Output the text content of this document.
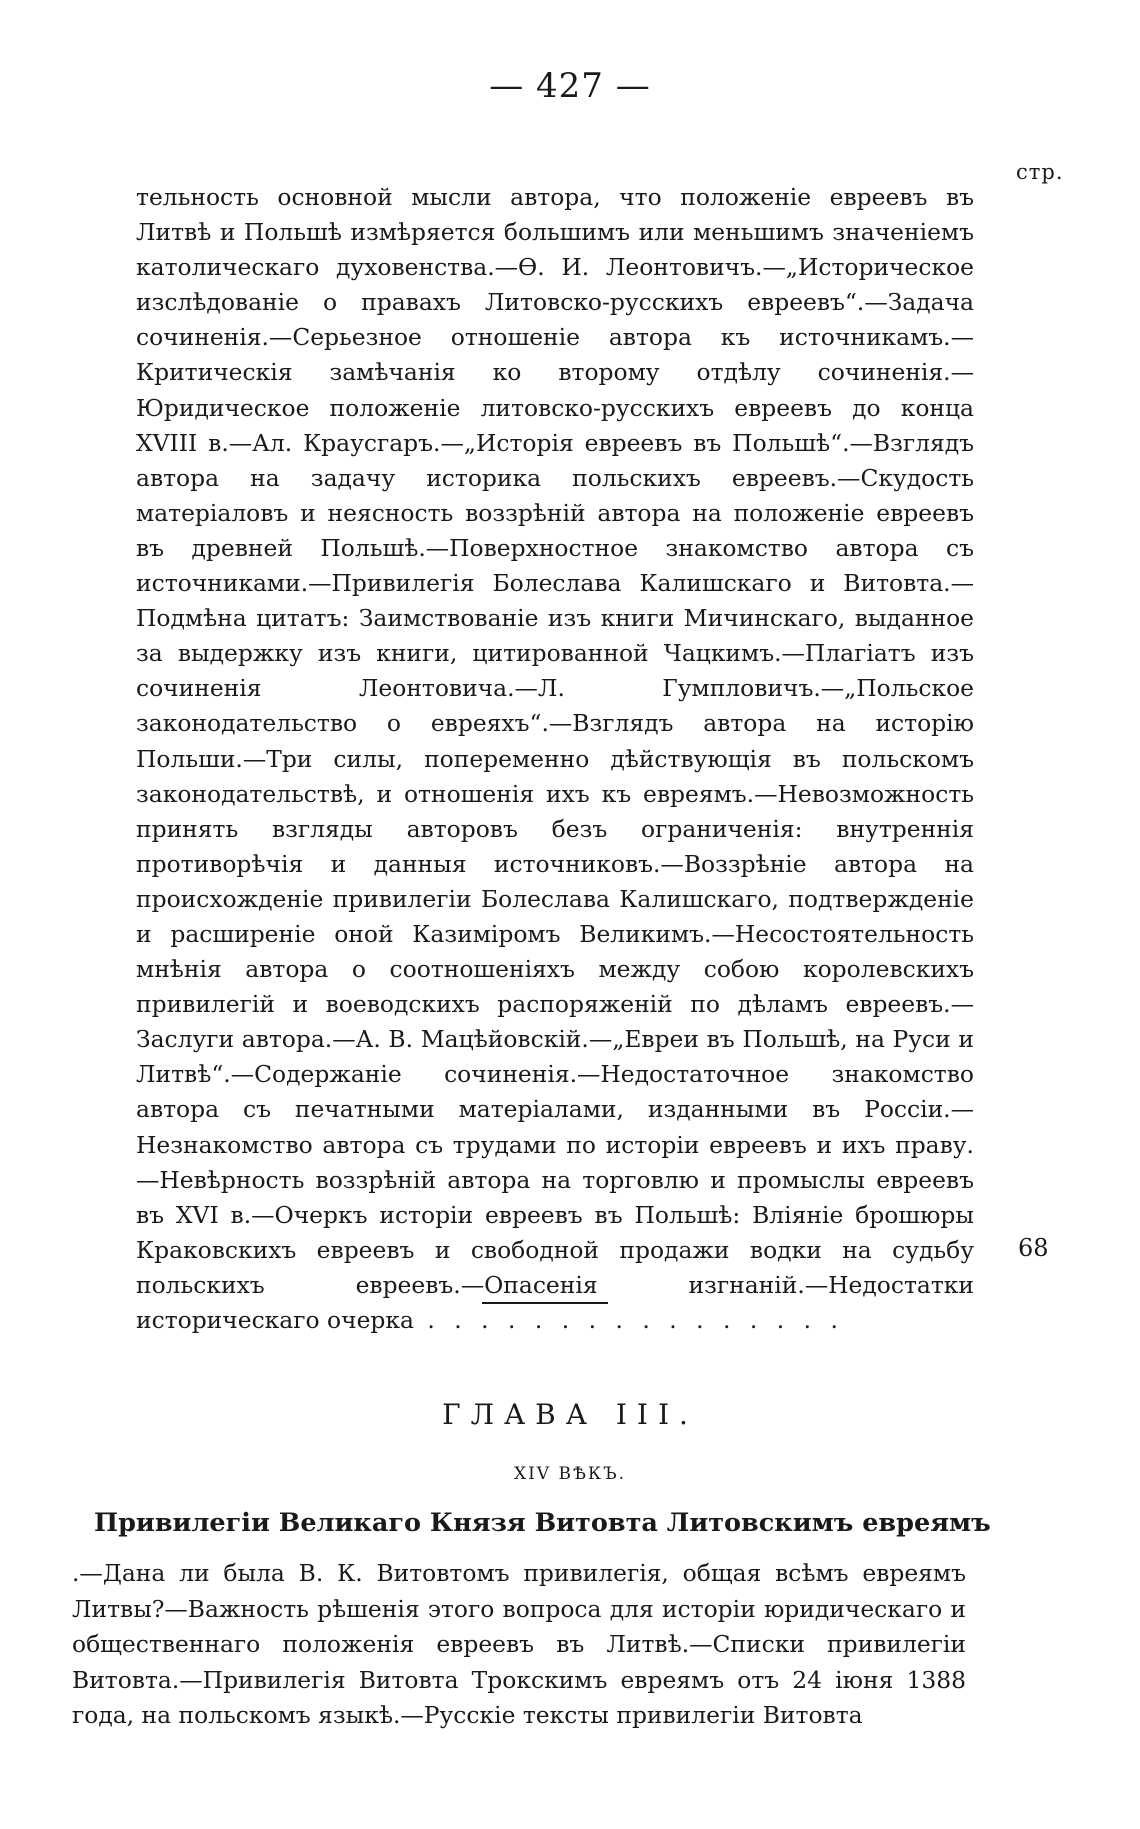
— 427 —
стр.

тельность основной мысли автора, что положеніе евреевъ въ Литвѣ и Польшѣ измѣряется большимъ или меньшимъ значеніемъ католическаго духовенства.—Ѳ. И. Леонтовичъ.—„Историческое изслѣдованіе о правахъ Литовско-русскихъ евреевъ“.—Задача сочиненія.—Серьезное отношеніе автора къ источникамъ.—Критическія замѣчанія ко второму отдѣлу сочиненія.—Юридическое положеніе литовско-русскихъ евреевъ до конца XVIII в.—Ал. Краусгаръ.—„Исторія евреевъ въ Польшѣ“.—Взглядъ автора на задачу историка польскихъ евреевъ.—Скудость матеріаловъ и неясность воззрѣній автора на положеніе евреевъ въ древней Польшѣ.—Поверхностное знакомство автора съ источниками.—Привилегія Болеслава Калишскаго и Витовта.—Подмѣна цитатъ: Заимствованіе изъ книги Мичинскаго, выданное за выдержку изъ книги, цитированной Чацкимъ.—Плагіатъ изъ сочиненія Леонтовича.—Л. Гумпловичъ.—„Польское законодательство о евреяхъ“.—Взглядъ автора на исторію Польши.—Три силы, попеременно дѣйствующія въ польскомъ законодательствѣ, и отношенія ихъ къ евреямъ.—Невозможность принять взгляды авторовъ безъ ограниченія: внутреннія противорѣчія и данныя источниковъ.—Воззрѣніе автора на происхожденіе привилегіи Болеслава Калишскаго, подтвержденіе и расширеніе оной Казиміромъ Великимъ.—Несостоятельность мнѣнія автора о соотношеніяхъ между собою королевскихъ привилегій и воеводскихъ распоряженій по дѣламъ евреевъ.—Заслуги автора.—А. В. Мацѣйовскій.—„Евреи въ Польшѣ, на Руси и Литвѣ“.—Содержаніе сочиненія.—Недостаточное знакомство автора съ печатными матеріалами, изданными въ Россіи.—Незнакомство автора съ трудами по исторіи евреевъ и ихъ праву.—Невѣрность воззрѣній автора на торговлю и промыслы евреевъ въ XVI в.—Очеркъ исторіи евреевъ въ Польшѣ: Вліяніе брошюры Краковскихъ евреевъ и свободной продажи водки на судьбу польскихъ евреевъ.—Опасенія изгнаній.—Недостатки историческаго очерка . . . . . . . . . . . . . . . .

68
ГЛАВА III.
XIV ВѢКЪ.
Привилегіи Великаго Князя Витовта Литовскимъ евреямъ

.—Дана ли была В. К. Витовтомъ привилегія, общая всѣмъ евреямъ Литвы?—Важность рѣшенія этого вопроса для исторіи юридическаго и общественнаго положенія евреевъ въ Литвѣ.—Списки привилегіи Витовта.—Привилегія Витовта Трокскимъ евреямъ отъ 24 іюня 1388 года, на польскомъ языкѣ.—Русскіе тексты привилегіи Витовта
